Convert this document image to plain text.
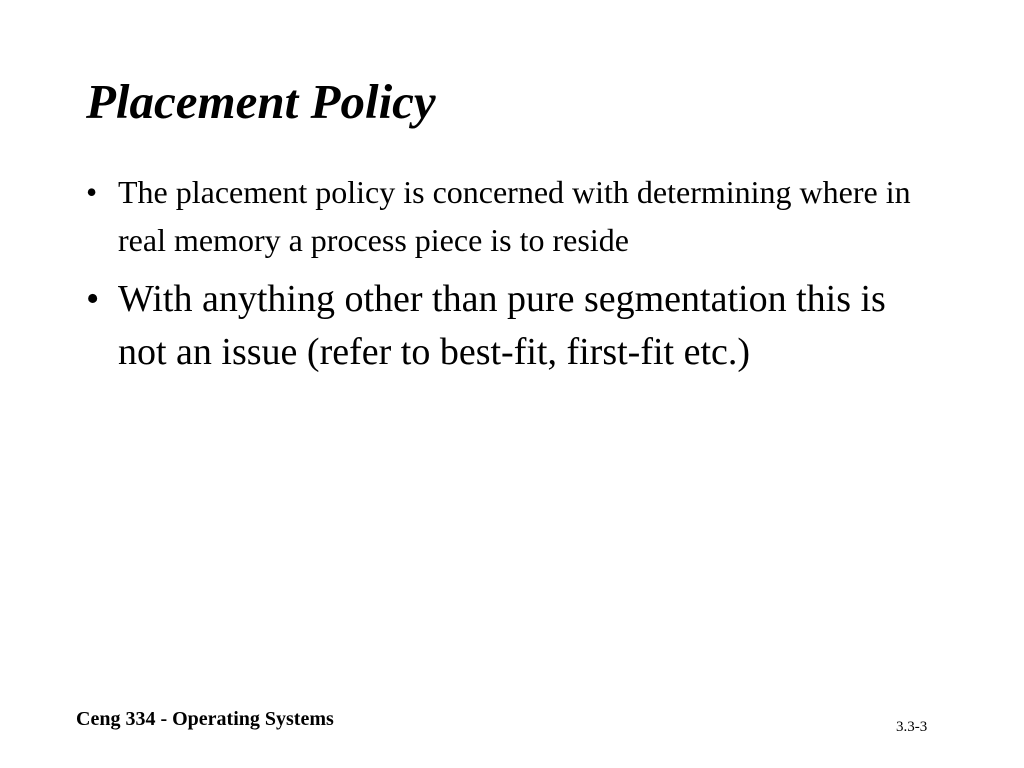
Placement Policy
• The placement policy is concerned with determining where in real memory a process piece is to reside
• With anything other than pure segmentation this is not an issue (refer to best-fit, first-fit etc.)
Ceng 334 - Operating Systems	3.3-3
